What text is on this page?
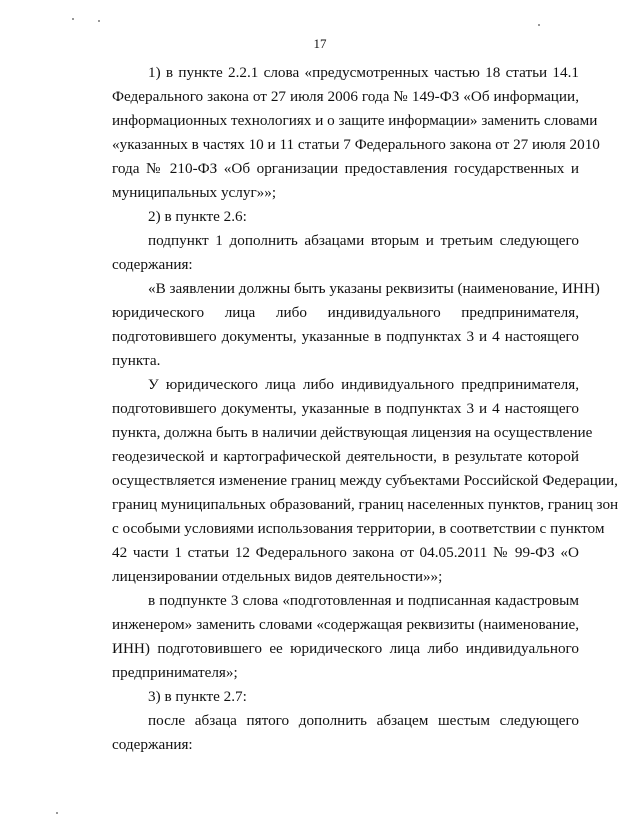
17
1) в пункте 2.2.1 слова «предусмотренных частью 18 статьи 14.1
Федерального закона от 27 июля 2006 года № 149-ФЗ «Об информации,
информационных технологиях и о защите информации» заменить словами
«указанных в частях 10 и 11 статьи 7 Федерального закона от 27 июля 2010
года № 210-ФЗ «Об организации предоставления государственных и
муниципальных услуг»»;
2) в пункте 2.6:
подпункт 1 дополнить абзацами вторым и третьим следующего
содержания:
«В заявлении должны быть указаны реквизиты (наименование, ИНН)
юридического лица либо индивидуального предпринимателя,
подготовившего документы, указанные в подпунктах 3 и 4 настоящего
пункта.
У юридического лица либо индивидуального предпринимателя,
подготовившего документы, указанные в подпунктах 3 и 4 настоящего
пункта, должна быть в наличии действующая лицензия на осуществление
геодезической и картографической деятельности, в результате которой
осуществляется изменение границ между субъектами Российской Федерации,
границ муниципальных образований, границ населенных пунктов, границ зон
с особыми условиями использования территории, в соответствии с пунктом
42 части 1 статьи 12 Федерального закона от 04.05.2011 № 99-ФЗ «О
лицензировании отдельных видов деятельности»»;
в подпункте 3 слова «подготовленная и подписанная кадастровым
инженером» заменить словами «содержащая реквизиты (наименование,
ИНН) подготовившего ее юридического лица либо индивидуального
предпринимателя»;
3) в пункте 2.7:
после абзаца пятого дополнить абзацем шестым следующего
содержания:
